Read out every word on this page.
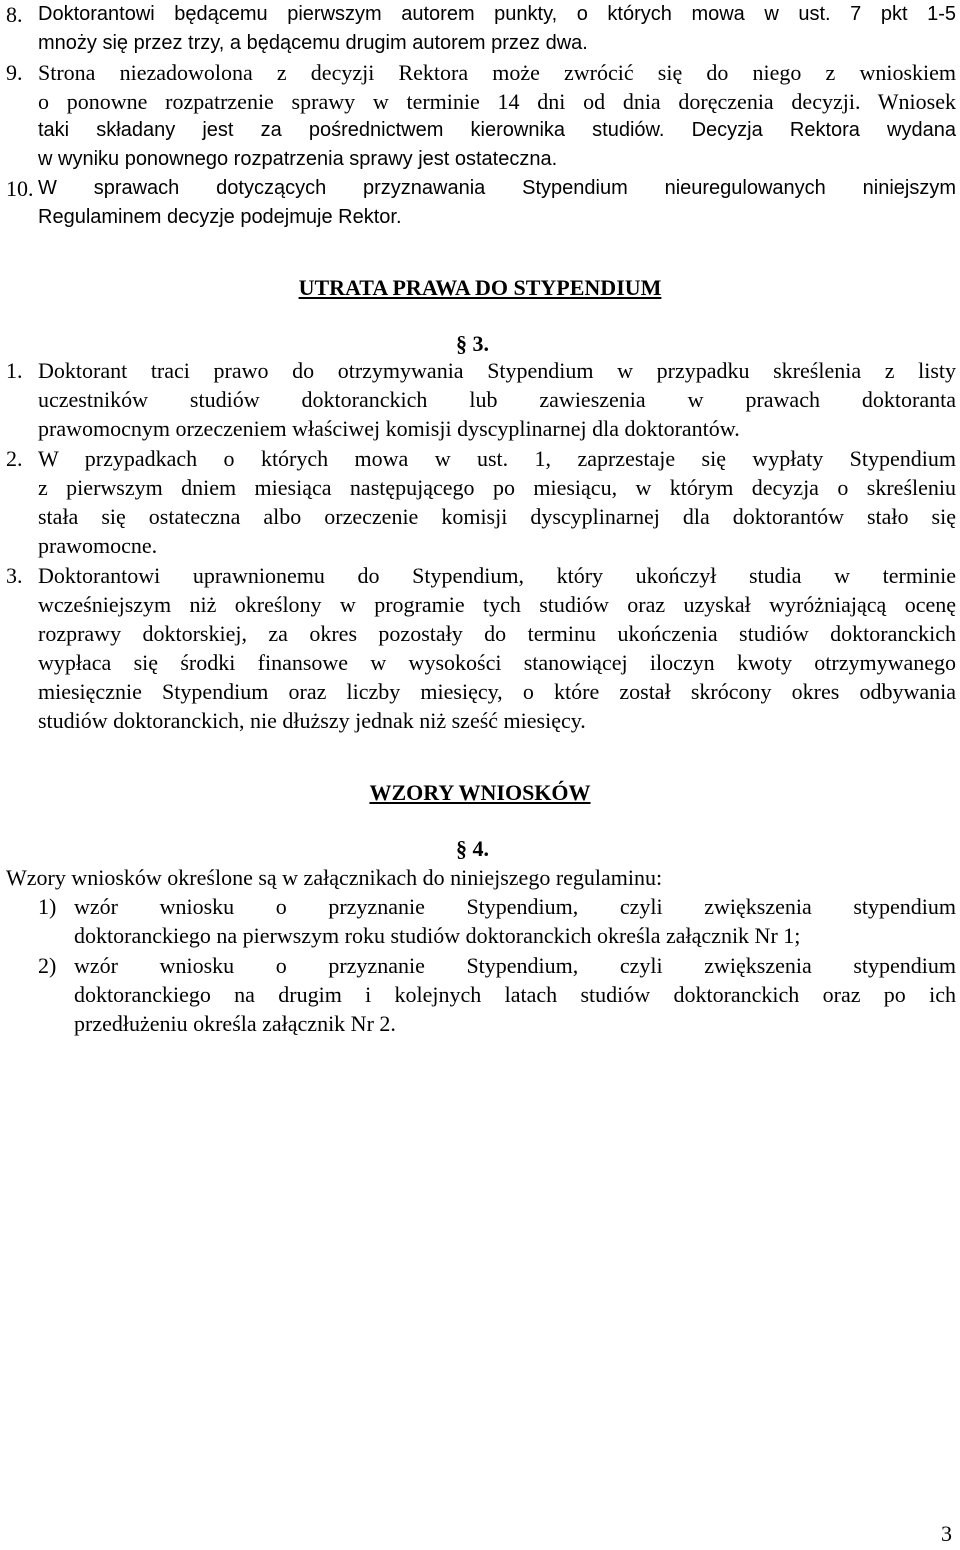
8. Doktorantowi będącemu pierwszym autorem punkty, o których mowa w ust. 7 pkt 1-5
mnoży się przez trzy, a będącemu drugim autorem przez dwa.
9. Strona niezadowolona z decyzji Rektora może zwrócić się do niego z wnioskiem
o ponowne rozpatrzenie sprawy w terminie 14 dni od dnia doręczenia decyzji. Wniosek
taki składany jest za pośrednictwem kierownika studiów. Decyzja Rektora wydana
w wyniku ponownego rozpatrzenia sprawy jest ostateczna.
10. W sprawach dotyczących przyznawania Stypendium nieuregulowanych niniejszym
Regulaminem decyzje podejmuje Rektor.
UTRATA PRAWA DO STYPENDIUM
§ 3.
1. Doktorant traci prawo do otrzymywania Stypendium w przypadku skreślenia z listy
uczestników studiów doktoranckich lub zawieszenia w prawach doktoranta
prawomocnym orzeczeniem właściwej komisji dyscyplinarnej dla doktorantów.
2. W przypadkach o których mowa w ust. 1, zaprzestaje się wypłaty Stypendium
z pierwszym dniem miesiąca następującego po miesiącu, w którym decyzja o skreśleniu
stała się ostateczna albo orzeczenie komisji dyscyplinarnej dla doktorantów stało się
prawomocne.
3. Doktorantowi uprawnionemu do Stypendium, który ukończył studia w terminie
wcześniejszym niż określony w programie tych studiów oraz uzyskał wyróżniającą ocenę
rozprawy doktorskiej, za okres pozostały do terminu ukończenia studiów doktoranckich
wypłaca się środki finansowe w wysokości stanowiącej iloczyn kwoty otrzymywanego
miesięcznie Stypendium oraz liczby miesięcy, o które został skrócony okres odbywania
studiów doktoranckich, nie dłuższy jednak niż sześć miesięcy.
WZORY WNIOSKÓW
§ 4.
Wzory wniosków określone są w załącznikach do niniejszego regulaminu:
1) wzór wniosku o przyznanie Stypendium, czyli zwiększenia stypendium
doktoranckiego na pierwszym roku studiów doktoranckich określa załącznik Nr 1;
2) wzór wniosku o przyznanie Stypendium, czyli zwiększenia stypendium
doktoranckiego na drugim i kolejnych latach studiów doktoranckich oraz po ich
przedłużeniu określa załącznik Nr 2.
3
